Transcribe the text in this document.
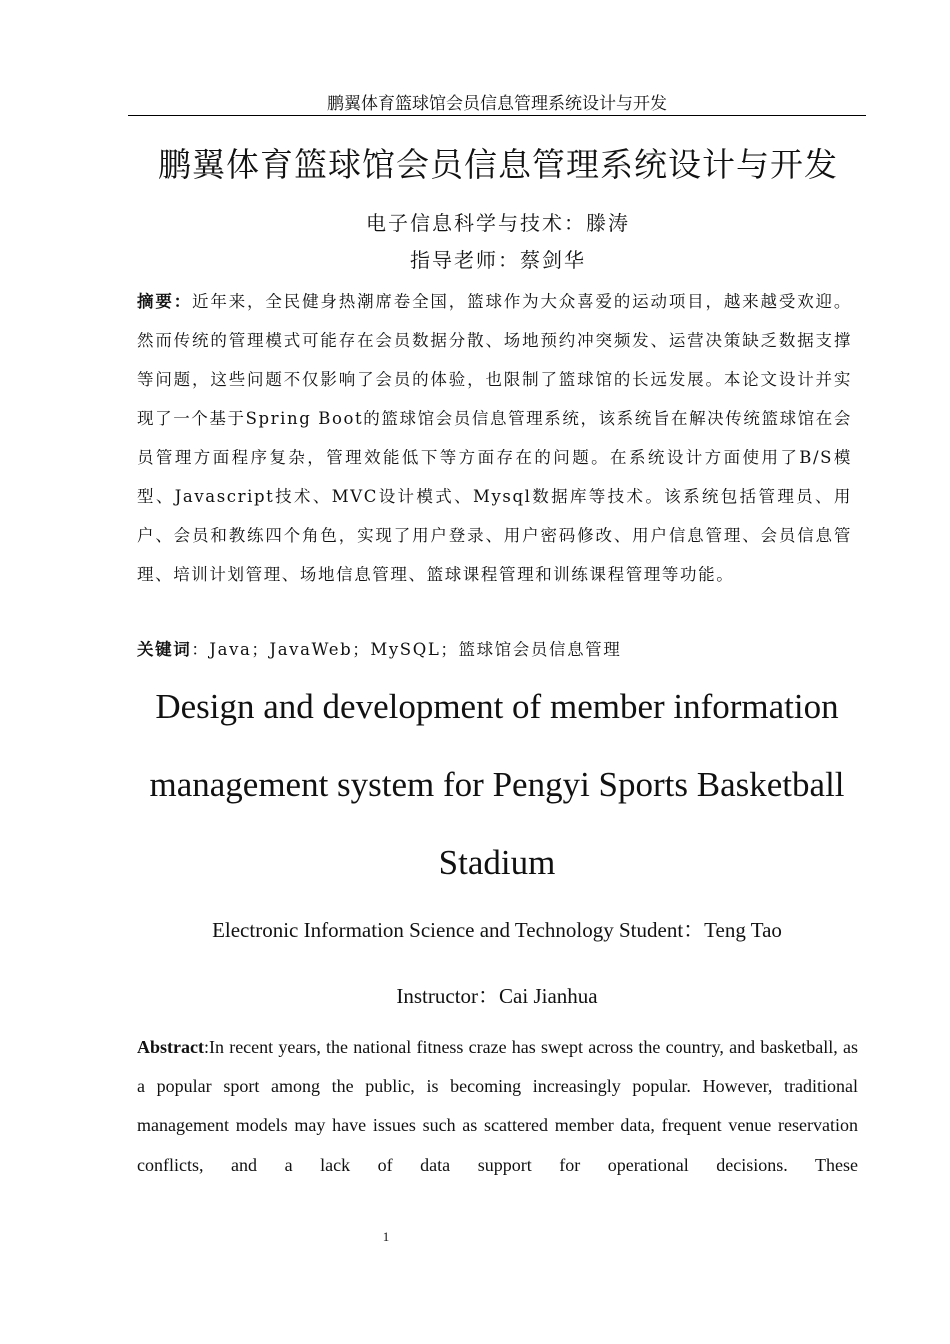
鹏翼体育篮球馆会员信息管理系统设计与开发
鹏翼体育篮球馆会员信息管理系统设计与开发
电子信息科学与技术：滕涛
指导老师：蔡剑华
摘要：近年来，全民健身热潮席卷全国，篮球作为大众喜爱的运动项目，越来越受欢迎。然而传统的管理模式可能存在会员数据分散、场地预约冲突频发、运营决策缺乏数据支撑等问题，这些问题不仅影响了会员的体验，也限制了篮球馆的长远发展。本论文设计并实现了一个基于Spring Boot的篮球馆会员信息管理系统，该系统旨在解决传统篮球馆在会员管理方面程序复杂，管理效能低下等方面存在的问题。在系统设计方面使用了B/S模型、Javascript技术、MVC设计模式、Mysql数据库等技术。该系统包括管理员、用户、会员和教练四个角色，实现了用户登录、用户密码修改、用户信息管理、会员信息管理、培训计划管理、场地信息管理、篮球课程管理和训练课程管理等功能。
关键词：Java；JavaWeb；MySQL；篮球馆会员信息管理
Design and development of member information management system for Pengyi Sports Basketball Stadium
Electronic Information Science and Technology Student：Teng Tao
Instructor：Cai Jianhua
Abstract:In recent years, the national fitness craze has swept across the country, and basketball, as a popular sport among the public, is becoming increasingly popular. However, traditional management models may have issues such as scattered member data, frequent venue reservation conflicts, and a lack of data support for operational decisions. These
1
